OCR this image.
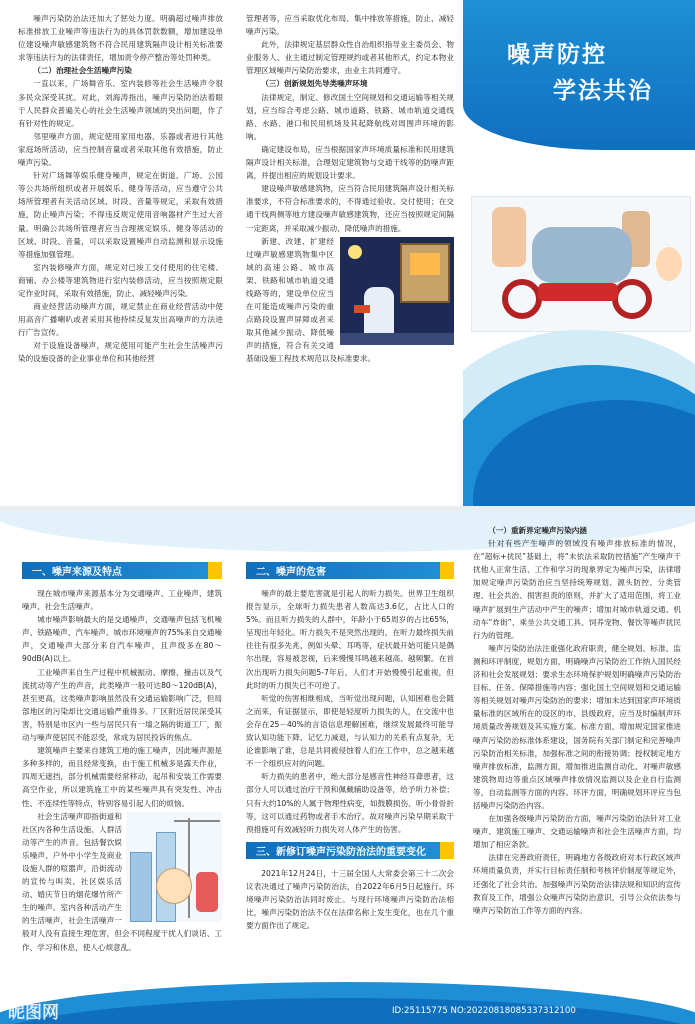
噪声污染防治法还加大了惩处力度。明确超过噪声排放标准排放工业噪声等违法行为的具体罚款数额，增加建设单位建设噪声敏感建筑物不符合民用建筑隔声设计相关标准要求等违法行为的法律责任，增加责令停产整治等处罚种类。

（二）治理社会生活噪声污染

一直以来，广场舞音乐、室内装修等社会生活噪声令很多民众深受其扰。对此，刘海涛指出，噪声污染防治法着眼于人民群众普遍关心的社会生活噪声领域的突出问题，作了有针对性的规定。

邻里噪声方面，规定使用家用电器、乐器或者进行其他家庭场所活动，应当控制音量或者采取其他有效措施，防止噪声污染。

针对广场舞等娱乐健身噪声，规定在街道、广场、公园等公共场所组织或者开展娱乐、健身等活动，应当遵守公共场所管理者有关活动区域、时段、音量等规定，采取有效措施，防止噪声污染；不得违反规定使用音响器材产生过大音量。明确公共场所管理者应当合理规定娱乐、健身等活动的区域、时段、音量，可以采取设置噪声自动监测和显示设施等措施加强管理。

室内装修噪声方面，规定对已竣工交付使用的住宅楼、商铺、办公楼等建筑物进行室内装修活动，应当按照规定限定作业时间，采取有效措施，防止、减轻噪声污染。

商业经营活动噪声方面，规定禁止在商业经营活动中使用高音广播喇叭或者采用其他持续反复发出高噪声的方法进行广告宣传。

对于设施设备噪声，规定使用可能产生社会生活噪声污染的设施设备的企业事业单位和其他经营

管理者等，应当采取优化布局、集中排放等措施，防止、减轻噪声污染。

此外，法律规定基层群众性自治组织指导业主委员会、物业服务人、业主通过制定管理规约或者其他形式，约定本物业管理区域噪声污染防治要求，由业主共同遵守。

（三）创新规划先导类噪声环境

法律规定，制定、修改国土空间规划和交通运输等相关规划，应当综合考虑公路、城市道路、铁路、城市轨道交通线路、水路、港口和民用机场及其起降航线对周围声环境的影响。

确定建设布局，应当根据国家声环境质量标准和民用建筑隔声设计相关标准，合理划定建筑物与交通干线等的防噪声距离，并提出相应的规划设计要求。

建设噪声敏感建筑物，应当符合民用建筑隔声设计相关标准要求，不符合标准要求的，不得通过验收、交付使用；在交通干线两侧等地方建设噪声敏感建筑物，还应当按照规定间隔一定距离，并采取减少振动、降低噪声的措施。

新建、改建、扩建经过噪声敏感建筑物集中区域的高速公路、城市高架、铁路和城市轨道交通线路等的，建设单位应当在可能造成噪声污染的重点路段设置声屏障或者采取其他减少振动、降低噪声的措施，符合有关交通基础设施工程技术规范以及标准要求。

噪声防控
学法共治
一、噪声来源及特点

现在城市噪声来源基本分为交通噪声、工业噪声、建筑噪声、社会生活噪声。

城市噪声影响最大的是交通噪声，交通噪声包括飞机噪声、铁路噪声、汽车噪声。城市环境噪声的75%来自交通噪声，交通噪声大部分来自汽车噪声，且声级多在80～90dB(A)以上。

工业噪声来自生产过程中机械振动、摩擦、撞击以及气流扰动等产生的声音，此类噪声一般可达80～120dB(A)，甚至更高，这类噪声影响虽然没有交通运输影响广泛，但局部地区的污染却比交通运输严重得多。厂区附近居民深受其害，特别是市区内一些与居民只有一墙之隔的街道工厂，振动与噪声使居民不能忍受，常成为居民投诉的焦点。

建筑噪声主要来自建筑工地的施工噪声，因此噪声源是多种多样的，而且经常变换，由于施工机械多是露天作业，四周无遮挡，部分机械需要经常移动，起吊和安装工作需要高空作业，所以建筑施工中的某些噪声具有突发性、冲击性、不连续性等特点，特别容易引起人们的烦恼。

社会生活噪声即指街道和社区内各种生活设施、人群活动等产生的声音。包括餐饮娱乐噪声、户外中小学生及商业设施人群的喧嚣声，沿街流动的宣传与叫卖、社区娱乐活动、婚庆节日的烟花爆竹所产生的噪声。室内各种活动产生的生活噪声，社会生活噪声一般对人没有直接生理危害，但会不同程度干扰人们谈话、工作、学习和休息，使人心烦意乱。

二、噪声的危害

噪声的最主要危害就是引起人的听力损失。世界卫生组织报告显示，全球听力损失患者人数高达3.6亿，占比人口的5%。而且听力损失的人群中，年龄小于65周岁的占比65%，呈现出年轻化。听力损失不是突然出现的，在听力最终损失前往往有很多先兆，例如头晕、耳鸣等，症状最开始可能只是偶尔出现，容易被忽视，后来慢慢耳鸣越来越高、越频繁。在首次出现听力损失问题5-7年后，人们才开始慢慢引起重视，但此时的听力损失已不可逆了。

听觉的伤害相继相成，当听觉出现问题，认知困难也会随之而来，有证据显示，即使是轻度听力损失的人，在交流中也会存在25－40%的言语信息理解困难，继续发展最终可能导致认知功能下降、记忆力减退，与认知力的关系有点复杂，无论谁影响了谁，总是共同被侵蚀着人们在工作中，总之越来越不一个组织应对的问题。

听力损失的患者中，绝大部分是感音性神经耳聋患者，这部分人可以通过治疗干预和佩戴辅助设备等，给予听力补偿；只有大约10%的人属于物理性病变，如鼓膜损伤、听小骨骨折等，这可以通过药物或者手术治疗。故对噪声污染早期采取干预措施可有效减轻听力损失对人体产生的伤害。

三、新修订噪声污染防治法的重要变化

2021年12月24日，十三届全国人大常委会第三十二次会议表决通过了噪声污染防治法，自2022年6月5日起施行。环境噪声污染防治法同时废止。与现行环境噪声污染防治法相比，噪声污染防治法不仅在法律名称上发生变化，也在几个重要方面作出了规定。

（一）重新界定噪声污染内涵

针对有些产生噪声的领域没有噪声排放标准的情况，在“超标+扰民”基础上，将“未依法采取防控措施”产生噪声干扰他人正常生活、工作和学习的现象界定为噪声污染，法律增加规定噪声污染防治应当坚持统筹规划、源头防控、分类管理、社会共治、损害担责的原则，并扩大了适用范围，将工业噪声扩展到生产活动中产生的噪声；增加对城市轨道交通、机动车“炸街”、乘坐公共交通工具、饲养宠物、餐饮等噪声扰民行为的管理。

噪声污染防治法注重强化政府职责，健全规划、标准、监测和环评制度，规划方面，明确噪声污染防治工作纳入国民经济和社会发展规划；要求生态环境保护规划明确噪声污染防治目标、任务、保障措施等内容；强化国土空间规划和交通运输等相关规划对噪声污染防治的要求；增加未达到国家声环境质量标准的区域所在的设区的市、县级政府，应当及时编制声环境质量改善规划及其实施方案。标准方面，增加规定国家推进噪声污染防治标准体系建设，国务院有关部门制定和完善噪声污染防治相关标准，加强标准之间的衔接协调；授权制定地方噪声排放标准，监测方面，增加推进监测自动化、对噪声敏感建筑物周边等重点区域噪声排放情况监测以及企业自行监测等，自动监测等方面的内容。环评方面，明确规划环评应当包括噪声污染防治内容。

在加强各级噪声污染防治方面，噪声污染防治法针对工业噪声、建筑施工噪声、交通运输噪声和社会生活噪声方面，均增加了相应条款。

法律在完善政府责任，明确地方各级政府对本行政区域声环境质量负责，并实行目标责任制和考核评价制度等规定外，还强化了社会共治。加强噪声污染防治法律法规和知识的宣传教育及工作，增强公众噪声污染防治意识，引导公众依法参与噪声污染防治工作等方面的内容。

昵图网	ID:25115775 NO:20220818085337312100
